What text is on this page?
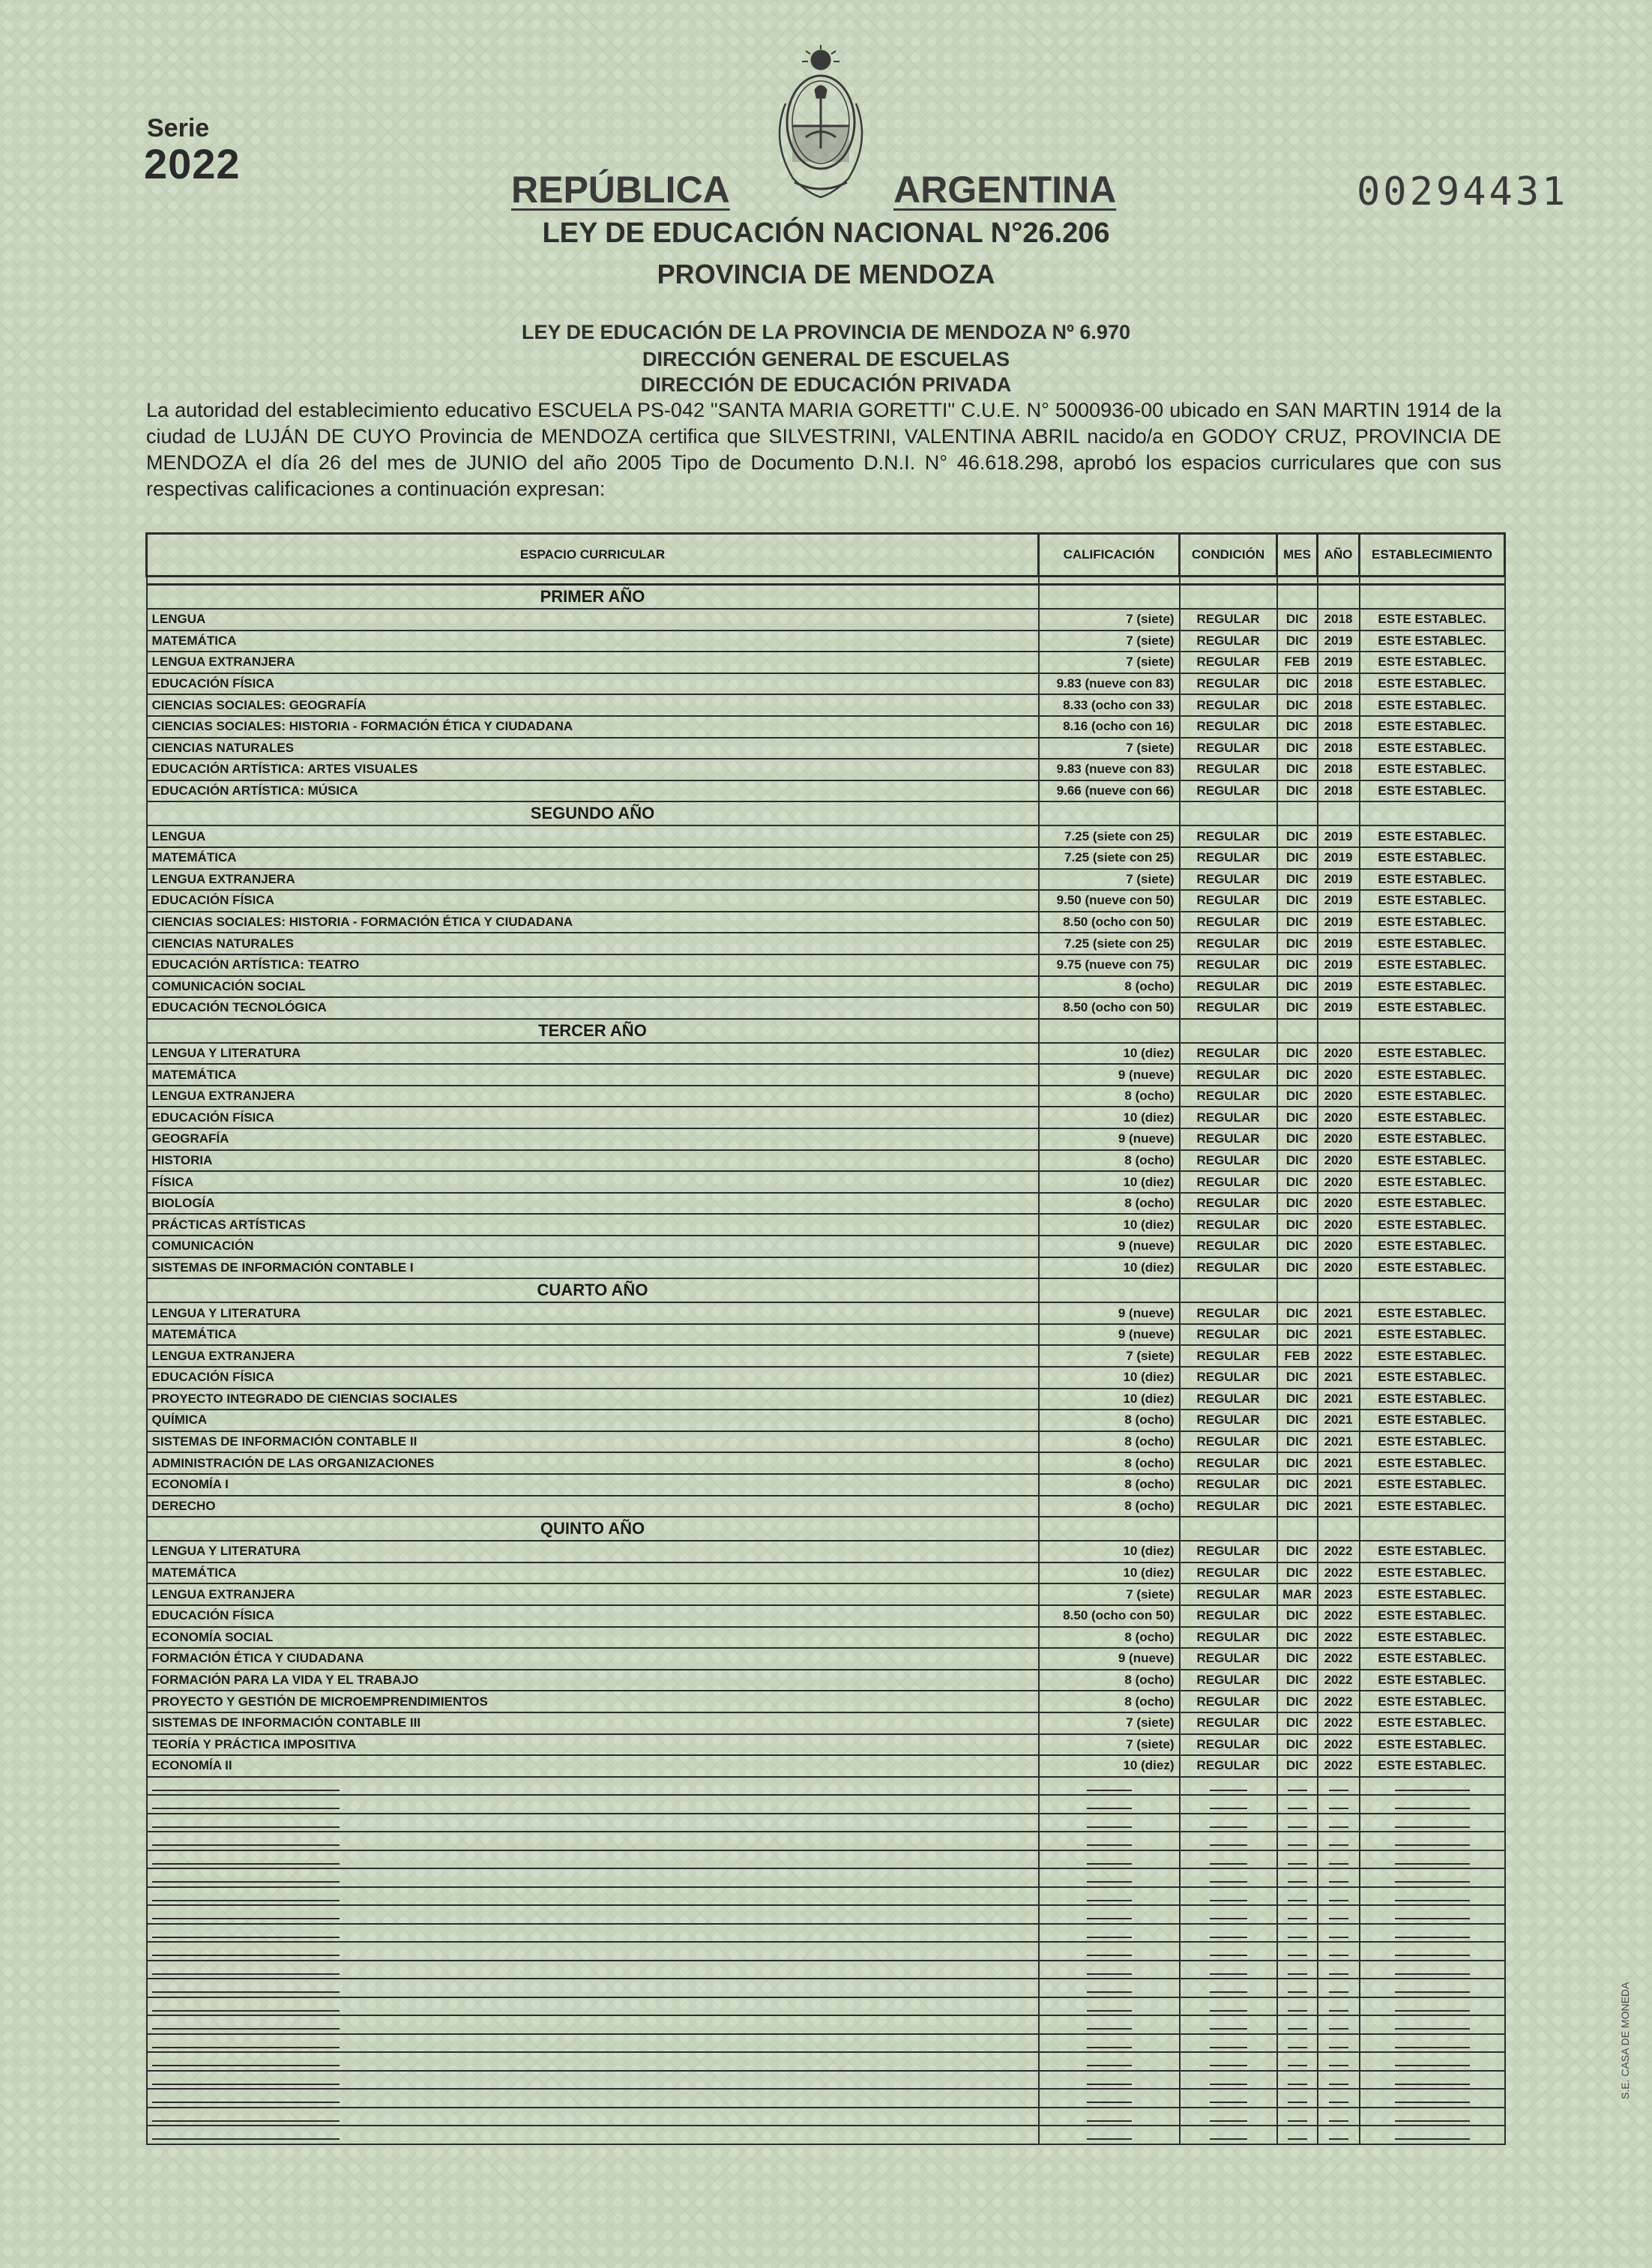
Serie
2022
REPÚBLICA	ARGENTINA	00294431
LEY DE EDUCACIÓN NACIONAL N°26.206
PROVINCIA DE MENDOZA
LEY DE EDUCACIÓN DE LA PROVINCIA DE MENDOZA Nº 6.970
DIRECCIÓN GENERAL DE ESCUELAS
DIRECCIÓN DE EDUCACIÓN PRIVADA
La autoridad del establecimiento educativo ESCUELA PS-042 "SANTA MARIA GORETTI" C.U.E. N° 5000936-00 ubicado en SAN MARTIN 1914 de la ciudad de LUJÁN DE CUYO Provincia de MENDOZA certifica que SILVESTRINI, VALENTINA ABRIL nacido/a en GODOY CRUZ, PROVINCIA DE MENDOZA el día 26 del mes de JUNIO del año 2005 Tipo de Documento D.N.I. N° 46.618.298, aprobó los espacios curriculares que con sus respectivas calificaciones a continuación expresan:
ESPACIO CURRICULAR	CALIFICACIÓN	CONDICIÓN	MES	AÑO	ESTABLECIMIENTO

PRIMER AÑO					
LENGUA	7 (siete)	REGULAR	DIC	2018	ESTE ESTABLEC.
MATEMÁTICA	7 (siete)	REGULAR	DIC	2019	ESTE ESTABLEC.
LENGUA EXTRANJERA	7 (siete)	REGULAR	FEB	2019	ESTE ESTABLEC.
EDUCACIÓN FÍSICA	9.83 (nueve con 83)	REGULAR	DIC	2018	ESTE ESTABLEC.
CIENCIAS SOCIALES: GEOGRAFÍA	8.33 (ocho con 33)	REGULAR	DIC	2018	ESTE ESTABLEC.
CIENCIAS SOCIALES: HISTORIA - FORMACIÓN ÉTICA Y CIUDADANA	8.16 (ocho con 16)	REGULAR	DIC	2018	ESTE ESTABLEC.
CIENCIAS NATURALES	7 (siete)	REGULAR	DIC	2018	ESTE ESTABLEC.
EDUCACIÓN ARTÍSTICA: ARTES VISUALES	9.83 (nueve con 83)	REGULAR	DIC	2018	ESTE ESTABLEC.
EDUCACIÓN ARTÍSTICA: MÚSICA	9.66 (nueve con 66)	REGULAR	DIC	2018	ESTE ESTABLEC.
SEGUNDO AÑO					
LENGUA	7.25 (siete con 25)	REGULAR	DIC	2019	ESTE ESTABLEC.
MATEMÁTICA	7.25 (siete con 25)	REGULAR	DIC	2019	ESTE ESTABLEC.
LENGUA EXTRANJERA	7 (siete)	REGULAR	DIC	2019	ESTE ESTABLEC.
EDUCACIÓN FÍSICA	9.50 (nueve con 50)	REGULAR	DIC	2019	ESTE ESTABLEC.
CIENCIAS SOCIALES: HISTORIA - FORMACIÓN ÉTICA Y CIUDADANA	8.50 (ocho con 50)	REGULAR	DIC	2019	ESTE ESTABLEC.
CIENCIAS NATURALES	7.25 (siete con 25)	REGULAR	DIC	2019	ESTE ESTABLEC.
EDUCACIÓN ARTÍSTICA: TEATRO	9.75 (nueve con 75)	REGULAR	DIC	2019	ESTE ESTABLEC.
COMUNICACIÓN SOCIAL	8 (ocho)	REGULAR	DIC	2019	ESTE ESTABLEC.
EDUCACIÓN TECNOLÓGICA	8.50 (ocho con 50)	REGULAR	DIC	2019	ESTE ESTABLEC.
TERCER AÑO					
LENGUA Y LITERATURA	10 (diez)	REGULAR	DIC	2020	ESTE ESTABLEC.
MATEMÁTICA	9 (nueve)	REGULAR	DIC	2020	ESTE ESTABLEC.
LENGUA EXTRANJERA	8 (ocho)	REGULAR	DIC	2020	ESTE ESTABLEC.
EDUCACIÓN FÍSICA	10 (diez)	REGULAR	DIC	2020	ESTE ESTABLEC.
GEOGRAFÍA	9 (nueve)	REGULAR	DIC	2020	ESTE ESTABLEC.
HISTORIA	8 (ocho)	REGULAR	DIC	2020	ESTE ESTABLEC.
FÍSICA	10 (diez)	REGULAR	DIC	2020	ESTE ESTABLEC.
BIOLOGÍA	8 (ocho)	REGULAR	DIC	2020	ESTE ESTABLEC.
PRÁCTICAS ARTÍSTICAS	10 (diez)	REGULAR	DIC	2020	ESTE ESTABLEC.
COMUNICACIÓN	9 (nueve)	REGULAR	DIC	2020	ESTE ESTABLEC.
SISTEMAS DE INFORMACIÓN CONTABLE I	10 (diez)	REGULAR	DIC	2020	ESTE ESTABLEC.
CUARTO AÑO					
LENGUA Y LITERATURA	9 (nueve)	REGULAR	DIC	2021	ESTE ESTABLEC.
MATEMÁTICA	9 (nueve)	REGULAR	DIC	2021	ESTE ESTABLEC.
LENGUA EXTRANJERA	7 (siete)	REGULAR	FEB	2022	ESTE ESTABLEC.
EDUCACIÓN FÍSICA	10 (diez)	REGULAR	DIC	2021	ESTE ESTABLEC.
PROYECTO INTEGRADO DE CIENCIAS SOCIALES	10 (diez)	REGULAR	DIC	2021	ESTE ESTABLEC.
QUÍMICA	8 (ocho)	REGULAR	DIC	2021	ESTE ESTABLEC.
SISTEMAS DE INFORMACIÓN CONTABLE II	8 (ocho)	REGULAR	DIC	2021	ESTE ESTABLEC.
ADMINISTRACIÓN DE LAS ORGANIZACIONES	8 (ocho)	REGULAR	DIC	2021	ESTE ESTABLEC.
ECONOMÍA I	8 (ocho)	REGULAR	DIC	2021	ESTE ESTABLEC.
DERECHO	8 (ocho)	REGULAR	DIC	2021	ESTE ESTABLEC.
QUINTO AÑO					
LENGUA Y LITERATURA	10 (diez)	REGULAR	DIC	2022	ESTE ESTABLEC.
MATEMÁTICA	10 (diez)	REGULAR	DIC	2022	ESTE ESTABLEC.
LENGUA EXTRANJERA	7 (siete)	REGULAR	MAR	2023	ESTE ESTABLEC.
EDUCACIÓN FÍSICA	8.50 (ocho con 50)	REGULAR	DIC	2022	ESTE ESTABLEC.
ECONOMÍA SOCIAL	8 (ocho)	REGULAR	DIC	2022	ESTE ESTABLEC.
FORMACIÓN ÉTICA Y CIUDADANA	9 (nueve)	REGULAR	DIC	2022	ESTE ESTABLEC.
FORMACIÓN PARA LA VIDA Y EL TRABAJO	8 (ocho)	REGULAR	DIC	2022	ESTE ESTABLEC.
PROYECTO Y GESTIÓN DE MICROEMPRENDIMIENTOS	8 (ocho)	REGULAR	DIC	2022	ESTE ESTABLEC.
SISTEMAS DE INFORMACIÓN CONTABLE III	7 (siete)	REGULAR	DIC	2022	ESTE ESTABLEC.
TEORÍA Y PRÁCTICA IMPOSITIVA	7 (siete)	REGULAR	DIC	2022	ESTE ESTABLEC.
ECONOMÍA II	10 (diez)	REGULAR	DIC	2022	ESTE ESTABLEC.

S.E. CASA DE MONEDA
